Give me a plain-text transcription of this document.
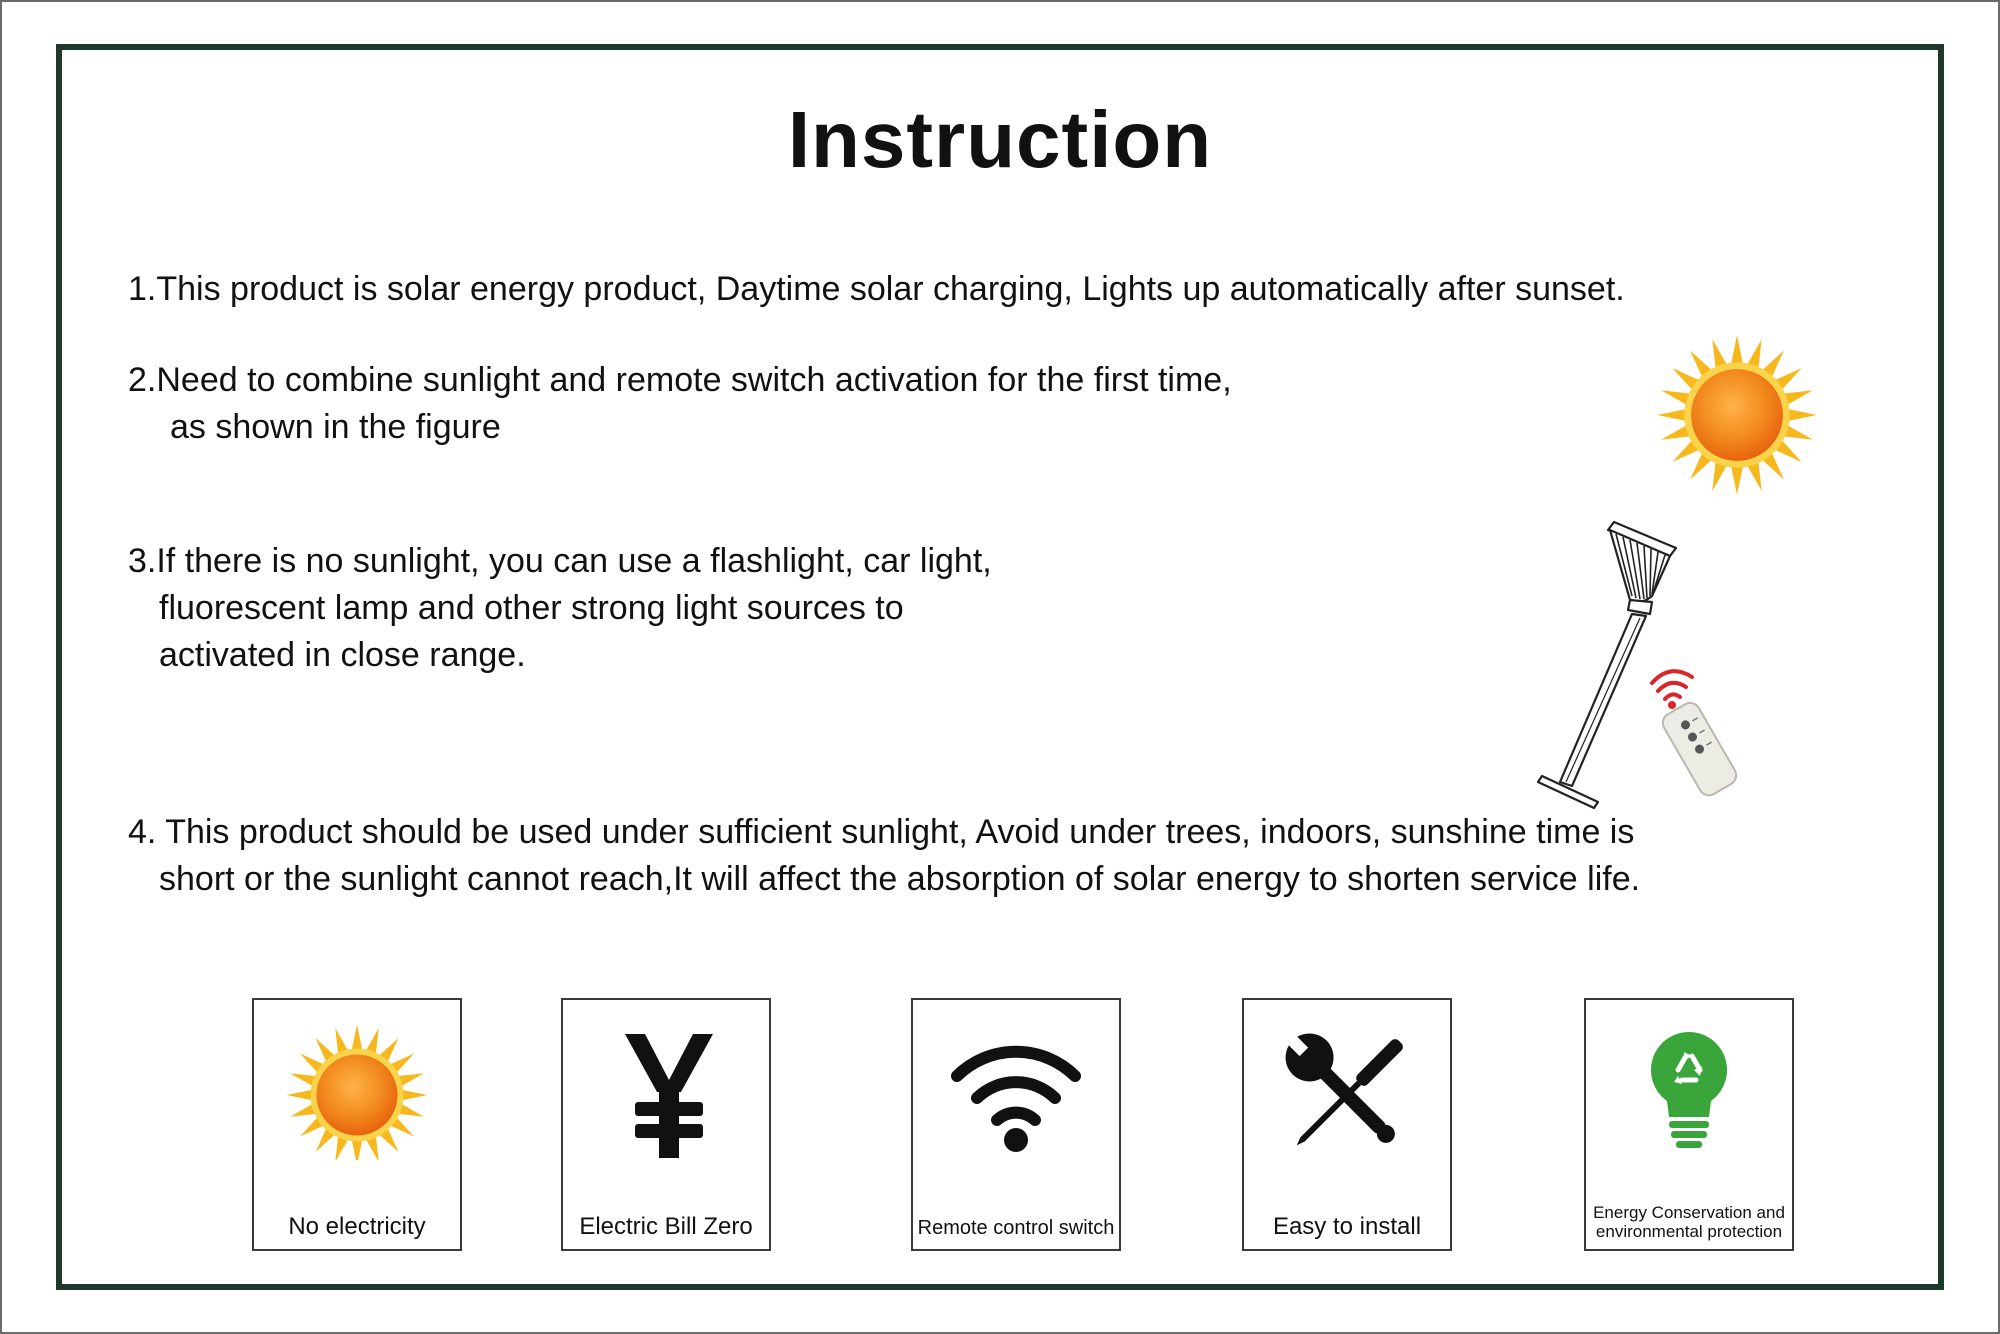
Instruction

1.This product is solar energy product, Daytime solar charging, Lights up automatically after sunset.

2.Need to combine sunlight and remote switch activation for the first time,
as shown in the figure

3.If there is no sunlight, you can use a flashlight, car light,
fluorescent lamp and other strong light sources to
activated in close range.

4. This product should be used under sufficient sunlight, Avoid under trees, indoors, sunshine time is
short or the sunlight cannot reach,It will affect the absorption of solar energy to shorten service life.

No electricity	Electric Bill Zero	Remote control switch	Easy to install
Energy Conservation and environmental protection
